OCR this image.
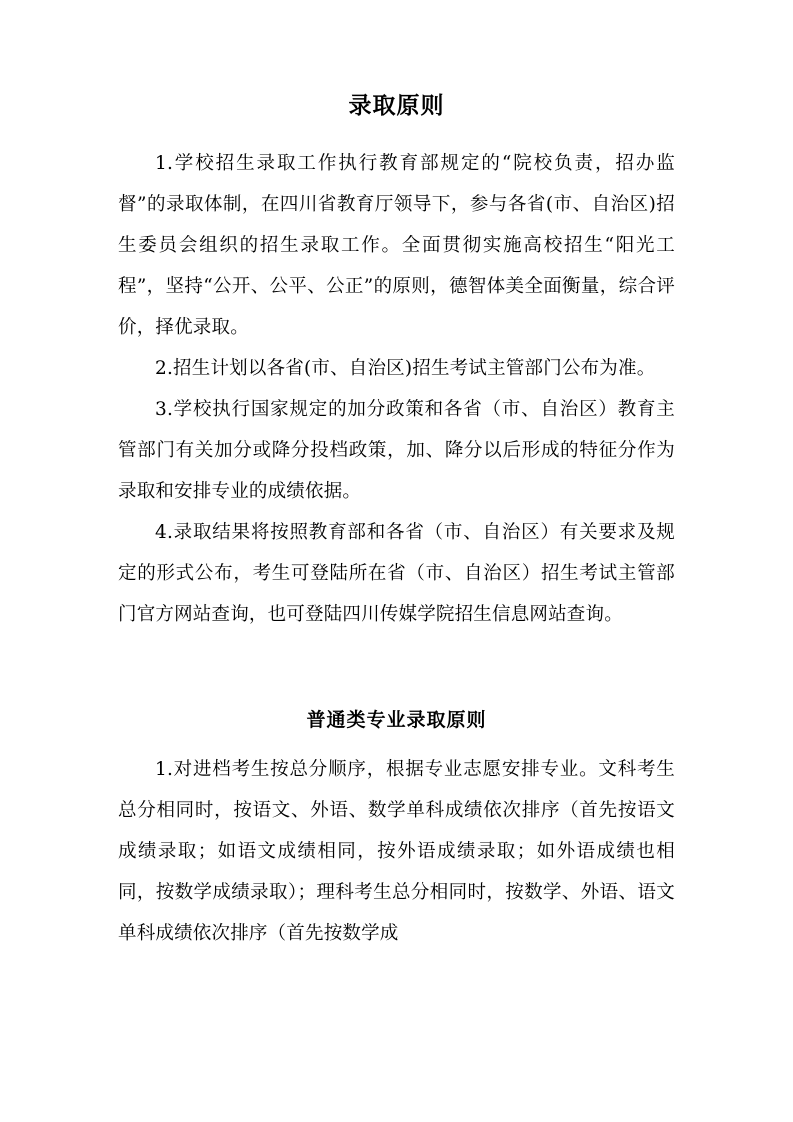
录取原则

1.学校招生录取工作执行教育部规定的“院校负责，招办监督”的录取体制，在四川省教育厅领导下，参与各省(市、自治区)招生委员会组织的招生录取工作。全面贯彻实施高校招生“阳光工程”，坚持“公开、公平、公正”的原则，德智体美全面衡量，综合评价，择优录取。

2.招生计划以各省(市、自治区)招生考试主管部门公布为准。

3.学校执行国家规定的加分政策和各省（市、自治区）教育主管部门有关加分或降分投档政策，加、降分以后形成的特征分作为录取和安排专业的成绩依据。

4.录取结果将按照教育部和各省（市、自治区）有关要求及规定的形式公布，考生可登陆所在省（市、自治区）招生考试主管部门官方网站查询，也可登陆四川传媒学院招生信息网站查询。

普通类专业录取原则

1.对进档考生按总分顺序，根据专业志愿安排专业。文科考生总分相同时，按语文、外语、数学单科成绩依次排序（首先按语文成绩录取；如语文成绩相同，按外语成绩录取；如外语成绩也相同，按数学成绩录取）；理科考生总分相同时，按数学、外语、语文单科成绩依次排序（首先按数学成
